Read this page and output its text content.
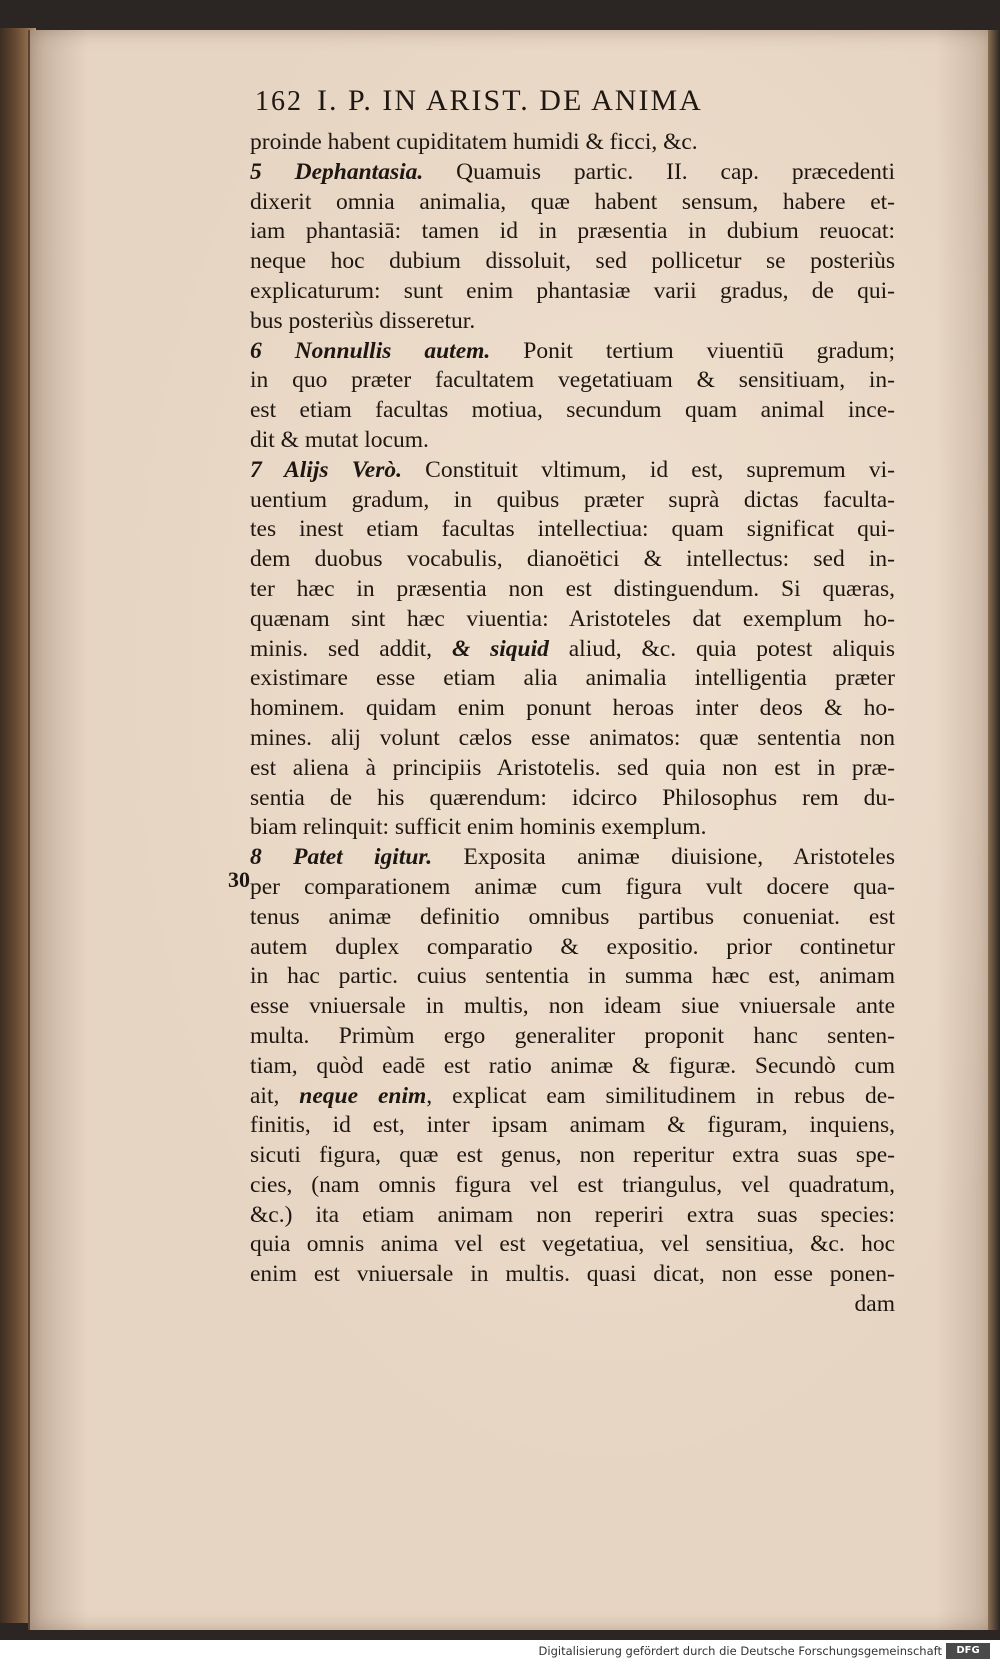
162 I. P. IN ARIST. DE ANIMA
30
proinde habent cupiditatem humidi & ficci, &c.
5 Dephantasia. Quamuis partic. II. cap. præcedenti
dixerit omnia animalia, quæ habent sensum, habere et-
iam phantasiā: tamen id in præsentia in dubium reuocat:
neque hoc dubium dissoluit, sed pollicetur se posteriùs
explicaturum: sunt enim phantasiæ varii gradus, de qui-
bus posteriùs disseretur.
6 Nonnullis autem. Ponit tertium viuentiū gradum;
in quo præter facultatem vegetatiuam & sensitiuam, in-
est etiam facultas motiua, secundum quam animal ince-
dit & mutat locum.
7 Alijs Verò. Constituit vltimum, id est, supremum vi-
uentium gradum, in quibus præter suprà dictas faculta-
tes inest etiam facultas intellectiua: quam significat qui-
dem duobus vocabulis, dianoëtici & intellectus: sed in-
ter hæc in præsentia non est distinguendum. Si quæras,
quænam sint hæc viuentia: Aristoteles dat exemplum ho-
minis. sed addit, & siquid aliud, &c. quia potest aliquis
existimare esse etiam alia animalia intelligentia præter
hominem. quidam enim ponunt heroas inter deos & ho-
mines. alij volunt cælos esse animatos: quæ sententia non
est aliena à principiis Aristotelis. sed quia non est in præ-
sentia de his quærendum: idcirco Philosophus rem du-
biam relinquit: sufficit enim hominis exemplum.
8 Patet igitur. Exposita animæ diuisione, Aristoteles
per comparationem animæ cum figura vult docere qua-
tenus animæ definitio omnibus partibus conueniat. est
autem duplex comparatio & expositio. prior continetur
in hac partic. cuius sententia in summa hæc est, animam
esse vniuersale in multis, non ideam siue vniuersale ante
multa. Primùm ergo generaliter proponit hanc senten-
tiam, quòd eadē est ratio animæ & figuræ. Secundò cum
ait, neque enim, explicat eam similitudinem in rebus de-
finitis, id est, inter ipsam animam & figuram, inquiens,
sicuti figura, quæ est genus, non reperitur extra suas spe-
cies, (nam omnis figura vel est triangulus, vel quadratum,
&c.) ita etiam animam non reperiri extra suas species:
quia omnis anima vel est vegetatiua, vel sensitiua, &c. hoc
enim est vniuersale in multis. quasi dicat, non esse ponen-
dam
Digitalisierung gefördert durch die Deutsche Forschungsgemeinschaft	DFG
